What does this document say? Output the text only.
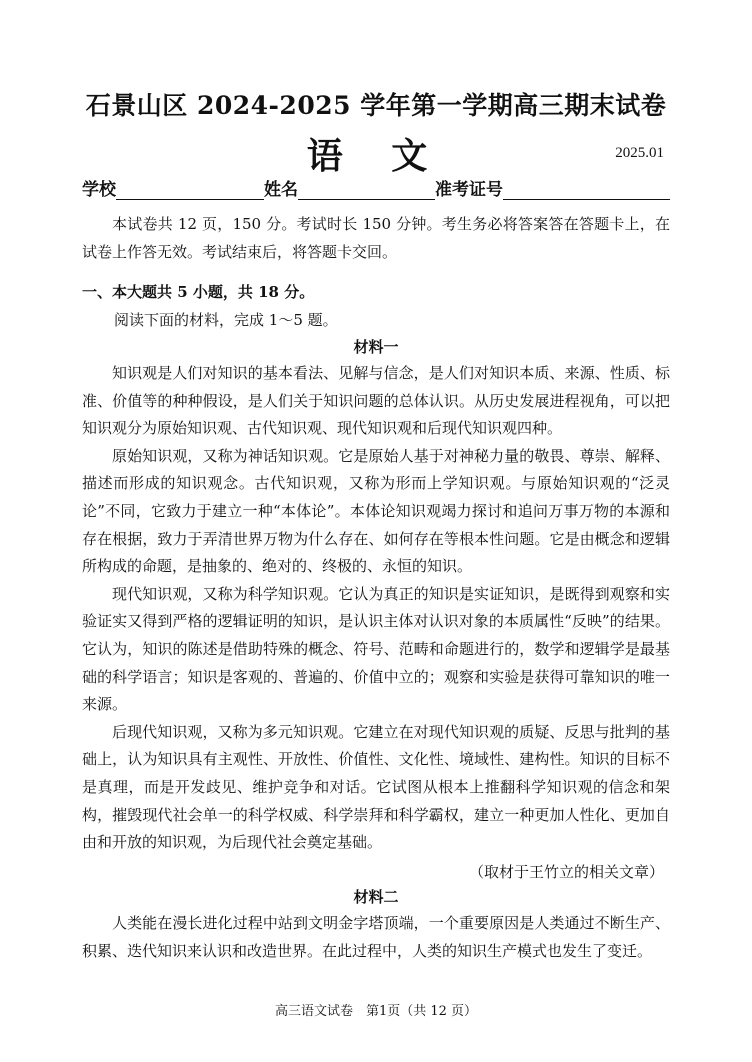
石景山区 2024-2025 学年第一学期高三期末试卷
语 文	2025.01
学校	姓名	准考证号

本试卷共 12 页，150 分。考试时长 150 分钟。考生务必将答案答在答题卡上，在试卷上作答无效。考试结束后，将答题卡交回。

一、本大题共 5 小题，共 18 分。
阅读下面的材料，完成 1～5 题。
材料一

知识观是人们对知识的基本看法、见解与信念，是人们对知识本质、来源、性质、标准、价值等的种种假设，是人们关于知识问题的总体认识。从历史发展进程视角，可以把知识观分为原始知识观、古代知识观、现代知识观和后现代知识观四种。

原始知识观，又称为神话知识观。它是原始人基于对神秘力量的敬畏、尊崇、解释、描述而形成的知识观念。古代知识观，又称为形而上学知识观。与原始知识观的“泛灵论”不同，它致力于建立一种“本体论”。本体论知识观竭力探讨和追问万事万物的本源和存在根据，致力于弄清世界万物为什么存在、如何存在等根本性问题。它是由概念和逻辑所构成的命题，是抽象的、绝对的、终极的、永恒的知识。

现代知识观，又称为科学知识观。它认为真正的知识是实证知识，是既得到观察和实验证实又得到严格的逻辑证明的知识，是认识主体对认识对象的本质属性“反映”的结果。它认为，知识的陈述是借助特殊的概念、符号、范畴和命题进行的，数学和逻辑学是最基础的科学语言；知识是客观的、普遍的、价值中立的；观察和实验是获得可靠知识的唯一来源。

后现代知识观，又称为多元知识观。它建立在对现代知识观的质疑、反思与批判的基础上，认为知识具有主观性、开放性、价值性、文化性、境域性、建构性。知识的目标不是真理，而是开发歧见、维护竞争和对话。它试图从根本上推翻科学知识观的信念和架构，摧毁现代社会单一的科学权威、科学崇拜和科学霸权，建立一种更加人性化、更加自由和开放的知识观，为后现代社会奠定基础。

（取材于王竹立的相关文章）
材料二

人类能在漫长进化过程中站到文明金字塔顶端，一个重要原因是人类通过不断生产、积累、迭代知识来认识和改造世界。在此过程中，人类的知识生产模式也发生了变迁。

高三语文试卷　第1页（共 12 页）
